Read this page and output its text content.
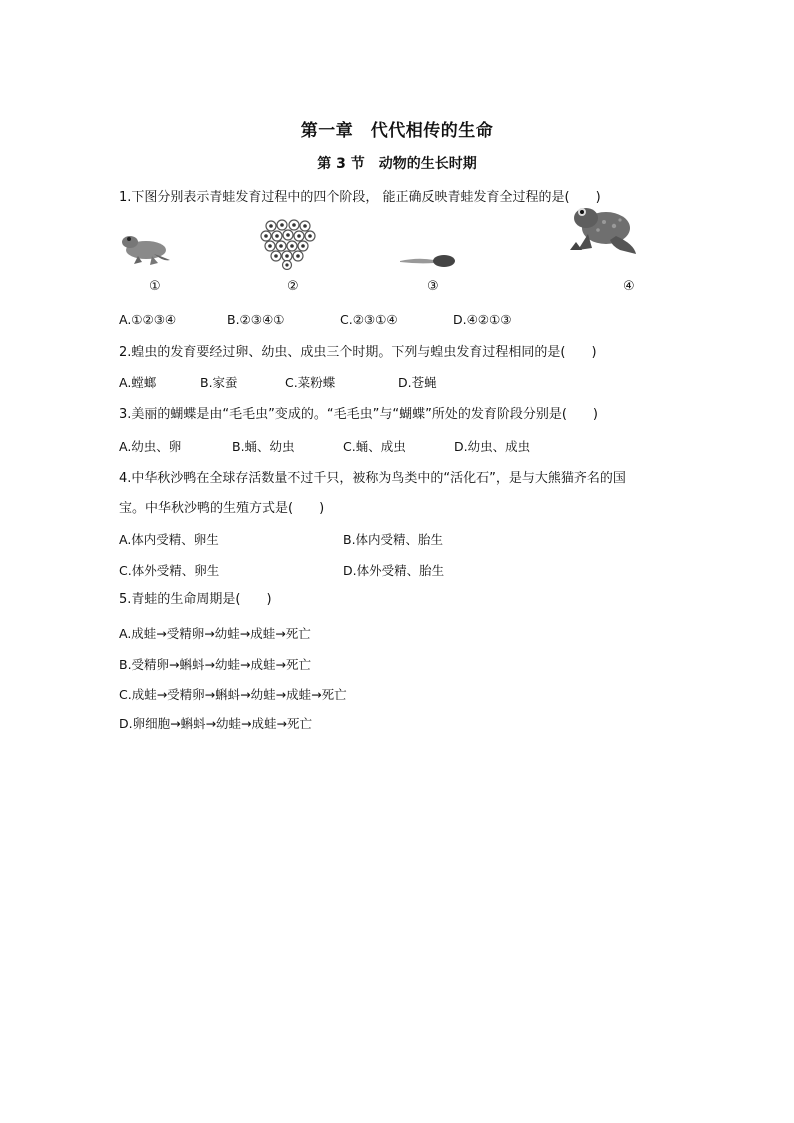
第一章　代代相传的生命
第 3 节　动物的生长时期
1.下图分别表示青蛙发育过程中的四个阶段， 能正确反映青蛙发育全过程的是(　　)
①	②	③	④
A.①②③④	B.②③④①	C.②③①④	D.④②①③
2.蝗虫的发育要经过卵、幼虫、成虫三个时期。下列与蝗虫发育过程相同的是(　　)
A.螳螂	B.家蚕	C.菜粉蝶	D.苍蝇
3.美丽的蝴蝶是由“毛毛虫”变成的。“毛毛虫”与“蝴蝶”所处的发育阶段分别是(　　)
A.幼虫、卵	B.蛹、幼虫	C.蛹、成虫	D.幼虫、成虫
4.中华秋沙鸭在全球存活数量不过千只，被称为鸟类中的“活化石”，是与大熊猫齐名的国
宝。中华秋沙鸭的生殖方式是(　　)
A.体内受精、卵生	B.体内受精、胎生
C.体外受精、卵生	D.体外受精、胎生
5.青蛙的生命周期是(　　)
A.成蛙→受精卵→幼蛙→成蛙→死亡
B.受精卵→蝌蚪→幼蛙→成蛙→死亡
C.成蛙→受精卵→蝌蚪→幼蛙→成蛙→死亡
D.卵细胞→蝌蚪→幼蛙→成蛙→死亡
